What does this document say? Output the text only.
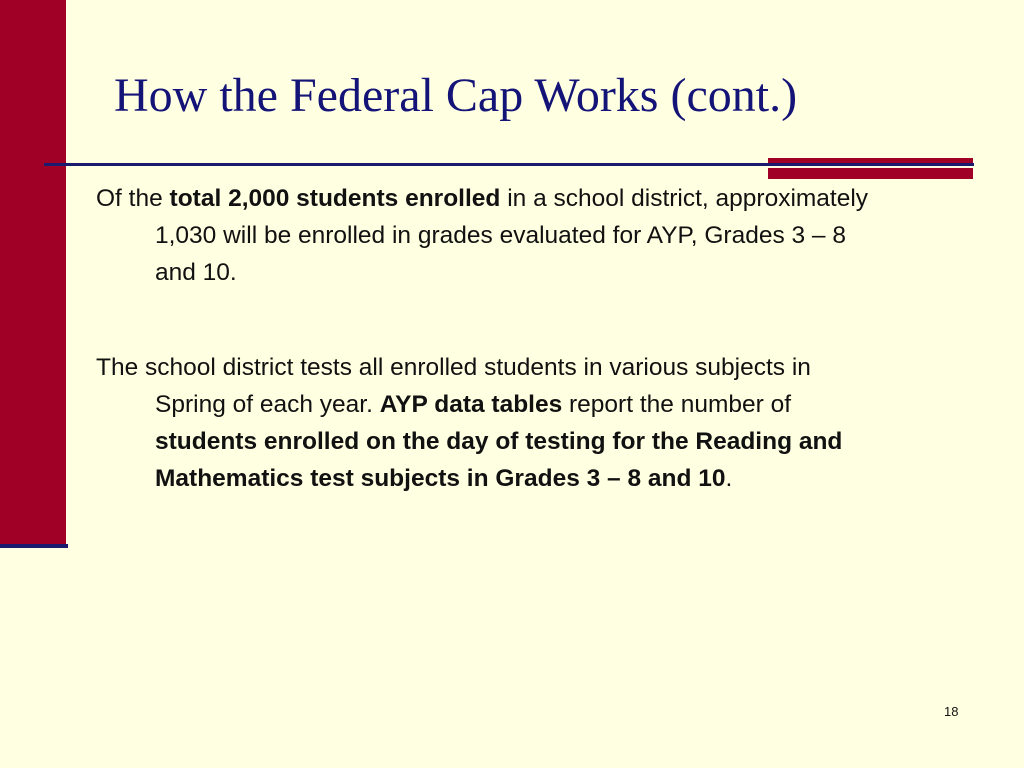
How the Federal Cap Works (cont.)

Of the total 2,000 students enrolled in a school district, approximately 1,030 will be enrolled in grades evaluated for AYP, Grades 3 – 8 and 10.

The school district tests all enrolled students in various subjects in Spring of each year. AYP data tables report the number of students enrolled on the day of testing for the Reading and Mathematics test subjects in Grades 3 – 8 and 10.

18
